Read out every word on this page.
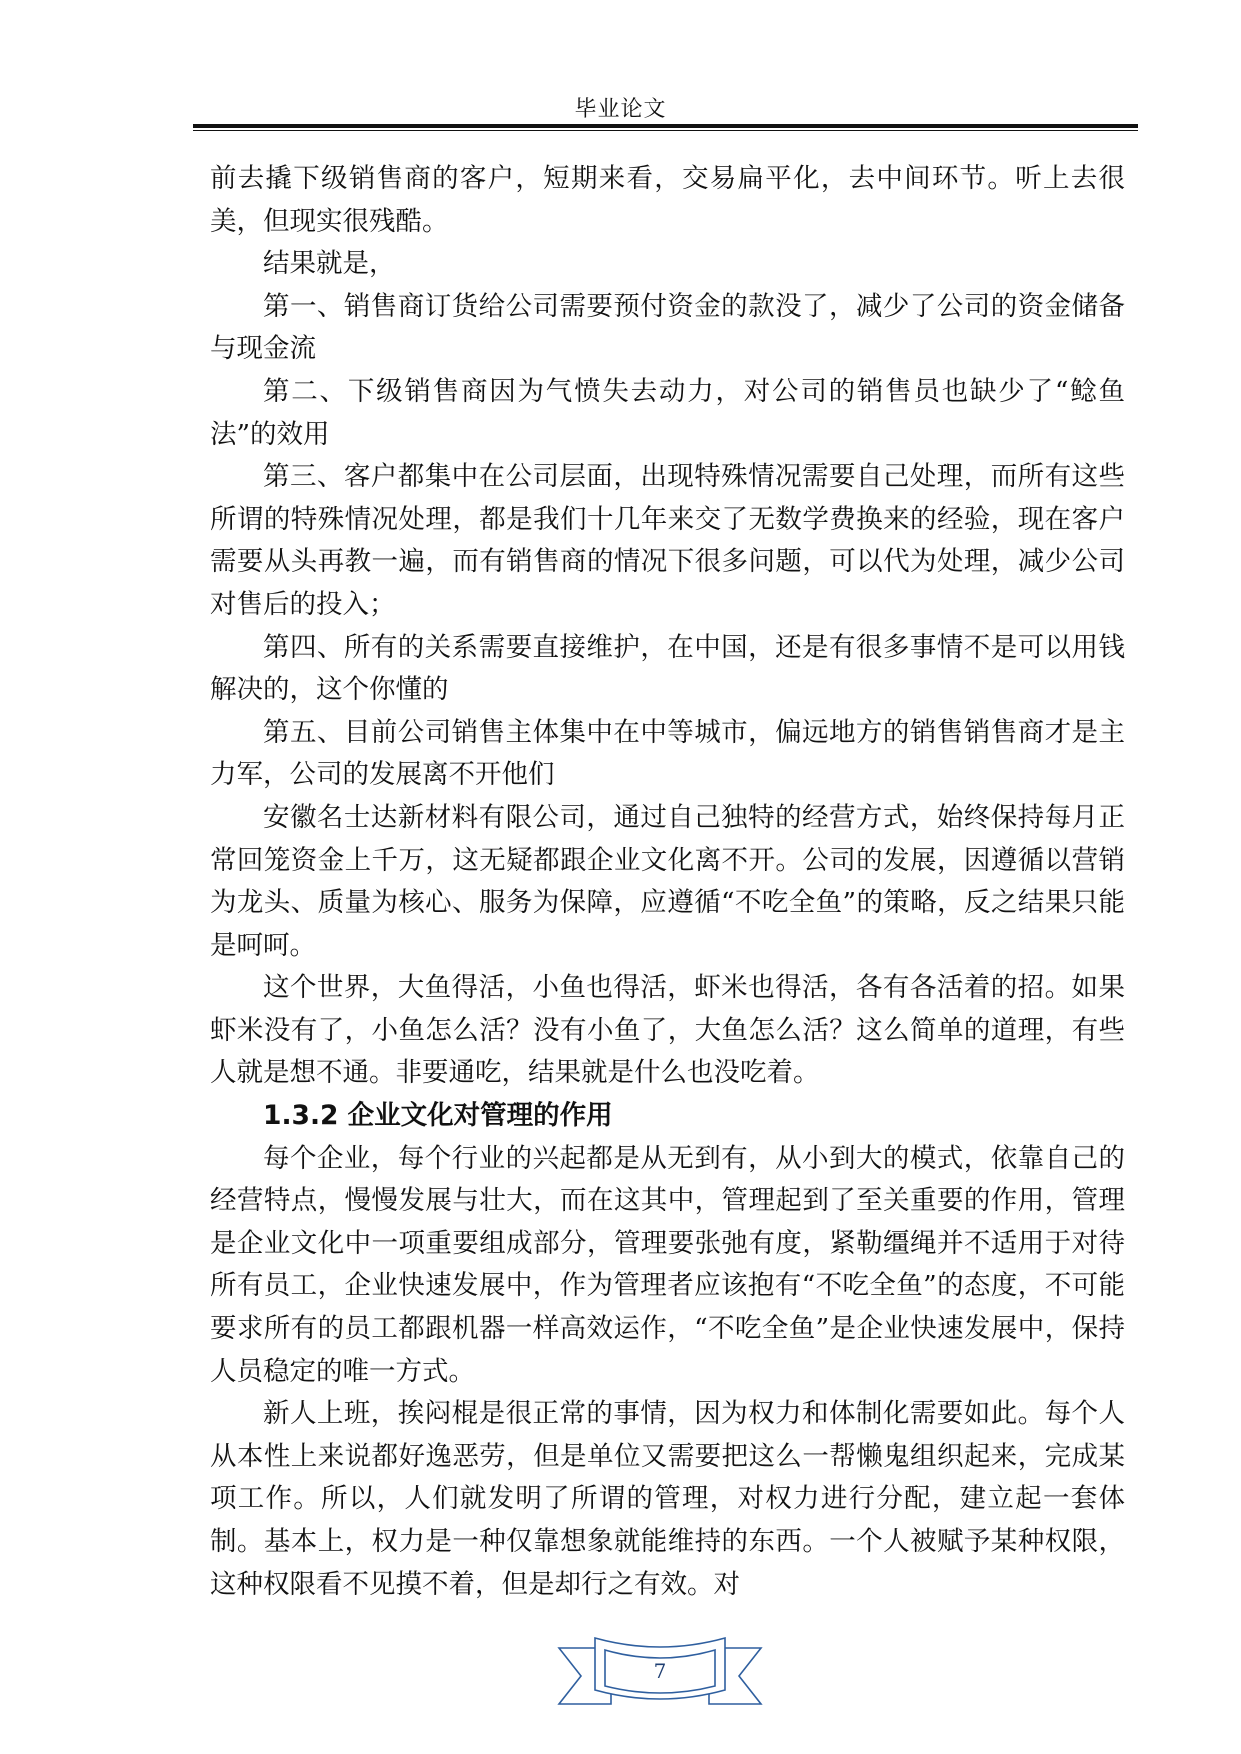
毕业论文

前去撬下级销售商的客户，短期来看，交易扁平化，去中间环节。听上去很美，但现实很残酷。

结果就是，

第一、销售商订货给公司需要预付资金的款没了，减少了公司的资金储备与现金流

第二、下级销售商因为气愤失去动力，对公司的销售员也缺少了“鲶鱼法”的效用

第三、客户都集中在公司层面，出现特殊情况需要自己处理，而所有这些所谓的特殊情况处理，都是我们十几年来交了无数学费换来的经验，现在客户需要从头再教一遍，而有销售商的情况下很多问题，可以代为处理，减少公司对售后的投入；

第四、所有的关系需要直接维护，在中国，还是有很多事情不是可以用钱解决的，这个你懂的

第五、目前公司销售主体集中在中等城市，偏远地方的销售销售商才是主力军，公司的发展离不开他们

安徽名士达新材料有限公司，通过自己独特的经营方式，始终保持每月正常回笼资金上千万，这无疑都跟企业文化离不开。公司的发展，因遵循以营销为龙头、质量为核心、服务为保障，应遵循“不吃全鱼”的策略，反之结果只能是呵呵。

这个世界，大鱼得活，小鱼也得活，虾米也得活，各有各活着的招。如果虾米没有了，小鱼怎么活？没有小鱼了，大鱼怎么活？这么简单的道理，有些人就是想不通。非要通吃，结果就是什么也没吃着。

1.3.2 企业文化对管理的作用

每个企业，每个行业的兴起都是从无到有，从小到大的模式，依靠自己的经营特点，慢慢发展与壮大，而在这其中，管理起到了至关重要的作用，管理是企业文化中一项重要组成部分，管理要张弛有度，紧勒缰绳并不适用于对待所有员工，企业快速发展中，作为管理者应该抱有“不吃全鱼”的态度，不可能要求所有的员工都跟机器一样高效运作，“不吃全鱼”是企业快速发展中，保持人员稳定的唯一方式。

新人上班，挨闷棍是很正常的事情，因为权力和体制化需要如此。每个人从本性上来说都好逸恶劳，但是单位又需要把这么一帮懒鬼组织起来，完成某项工作。所以，人们就发明了所谓的管理，对权力进行分配，建立起一套体制。基本上，权力是一种仅靠想象就能维持的东西。一个人被赋予某种权限，这种权限看不见摸不着，但是却行之有效。对

7
